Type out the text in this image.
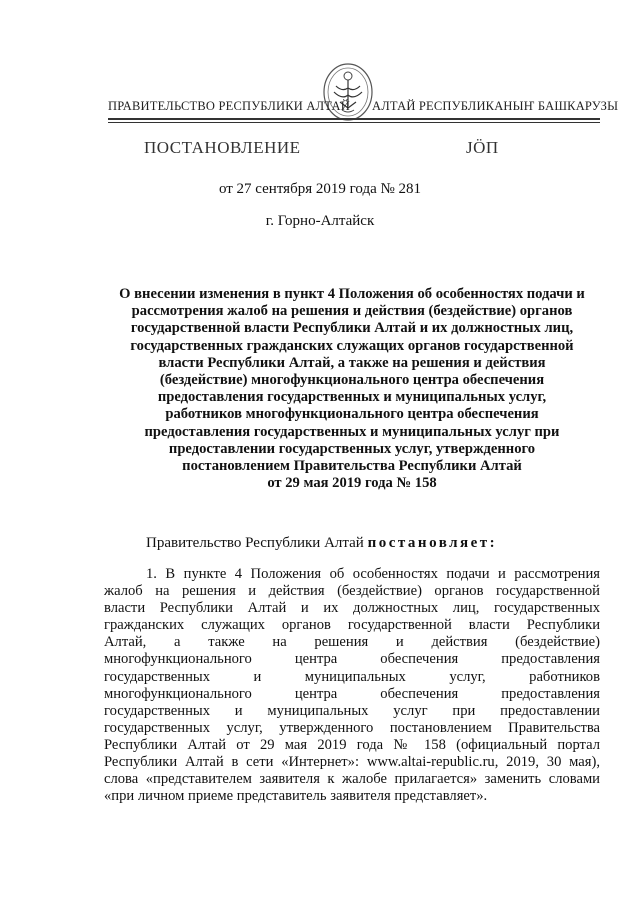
ПРАВИТЕЛЬСТВО РЕСПУБЛИКИ АЛТАЙ АЛТАЙ РЕСПУБЛИКАНЫҤ БАШКАРУЗЫ
ПОСТАНОВЛЕНИЕ	JӦП
от 27 сентября 2019 года № 281
г. Горно-Алтайск
О внесении изменения в пункт 4 Положения об особенностях подачи и
рассмотрения жалоб на решения и действия (бездействие) органов
государственной власти Республики Алтай и их должностных лиц,
государственных гражданских служащих органов государственной
власти Республики Алтай, а также на решения и действия
(бездействие) многофункционального центра обеспечения
предоставления государственных и муниципальных услуг,
работников многофункционального центра обеспечения
предоставления государственных и муниципальных услуг при
предоставлении государственных услуг, утвержденного
постановлением Правительства Республики Алтай
от 29 мая 2019 года № 158
Правительство Республики Алтай постановляет:
1. В пункте 4 Положения об особенностях подачи и рассмотрения
жалоб на решения и действия (бездействие) органов государственной
власти Республики Алтай и их должностных лиц, государственных
гражданских служащих органов государственной власти Республики
Алтай, а также на решения и действия (бездействие)
многофункционального центра обеспечения предоставления
государственных и муниципальных услуг, работников
многофункционального центра обеспечения предоставления
государственных и муниципальных услуг при предоставлении
государственных услуг, утвержденного постановлением Правительства
Республики Алтай от 29 мая 2019 года № 158 (официальный портал
Республики Алтай в сети «Интернет»: www.altai-republic.ru, 2019, 30 мая),
слова «представителем заявителя к жалобе прилагается» заменить словами
«при личном приеме представитель заявителя представляет».
